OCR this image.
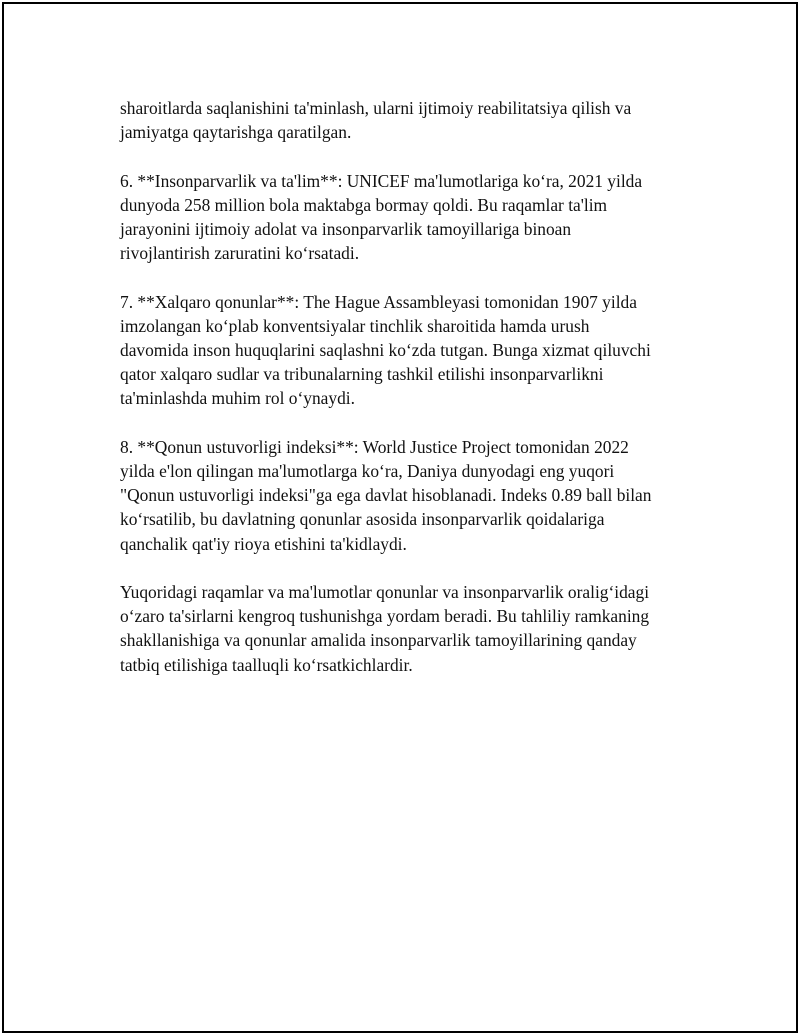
sharoitlarda saqlanishini ta'minlash, ularni ijtimoiy reabilitatsiya qilish va
jamiyatga qaytarishga qaratilgan.

6. **Insonparvarlik va ta'lim**: UNICEF ma'lumotlariga ko‘ra, 2021 yilda
dunyoda 258 million bola maktabga bormay qoldi. Bu raqamlar ta'lim
jarayonini ijtimoiy adolat va insonparvarlik tamoyillariga binoan
rivojlantirish zaruratini ko‘rsatadi.

7. **Xalqaro qonunlar**: The Hague Assambleyasi tomonidan 1907 yilda
imzolangan ko‘plab konventsiyalar tinchlik sharoitida hamda urush
davomida inson huquqlarini saqlashni ko‘zda tutgan. Bunga xizmat qiluvchi
qator xalqaro sudlar va tribunalarning tashkil etilishi insonparvarlikni
ta'minlashda muhim rol o‘ynaydi.

8. **Qonun ustuvorligi indeksi**: World Justice Project tomonidan 2022
yilda e'lon qilingan ma'lumotlarga ko‘ra, Daniya dunyodagi eng yuqori
"Qonun ustuvorligi indeksi"ga ega davlat hisoblanadi. Indeks 0.89 ball bilan
ko‘rsatilib, bu davlatning qonunlar asosida insonparvarlik qoidalariga
qanchalik qat'iy rioya etishini ta'kidlaydi.

Yuqoridagi raqamlar va ma'lumotlar qonunlar va insonparvarlik oralig‘idagi
o‘zaro ta'sirlarni kengroq tushunishga yordam beradi. Bu tahliliy ramkaning
shakllanishiga va qonunlar amalida insonparvarlik tamoyillarining qanday
tatbiq etilishiga taalluqli ko‘rsatkichlardir.
